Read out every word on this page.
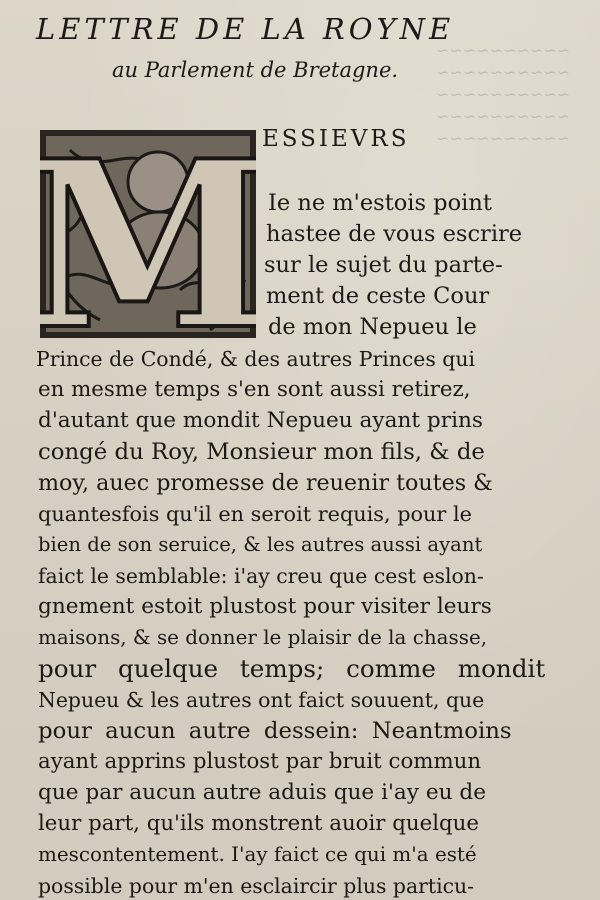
~~~~~~~~~~
~~~~~~~~~~
~~~~~~~~~~
~~~~~~~~~~
~~~~~~~~~~
LETTRE DE LA ROYNE
au Parlement de Bretagne.
M
ESSIEVRS
Ie ne m'estois point
hastee de vous escrire
sur le sujet du parte-
ment de ceste Cour
de mon Nepueu le
Prince de Condé, & des autres Princes qui
en mesme temps s'en sont aussi retirez,
d'autant que mondit Nepueu ayant prins
congé du Roy, Monsieur mon fils, & de
moy, auec promesse de reuenir toutes &
quantesfois qu'il en seroit requis, pour le
bien de son seruice, & les autres aussi ayant
faict le semblable: i'ay creu que cest eslon-
gnement estoit plustost pour visiter leurs
maisons, & se donner le plaisir de la chasse,
pour quelque temps; comme mondit
Nepueu & les autres ont faict souuent, que
pour aucun autre dessein: Neantmoins
ayant apprins plustost par bruit commun
que par aucun autre aduis que i'ay eu de
leur part, qu'ils monstrent auoir quelque
mescontentement. I'ay faict ce qui m'a esté
possible pour m'en esclaircir plus particu-
